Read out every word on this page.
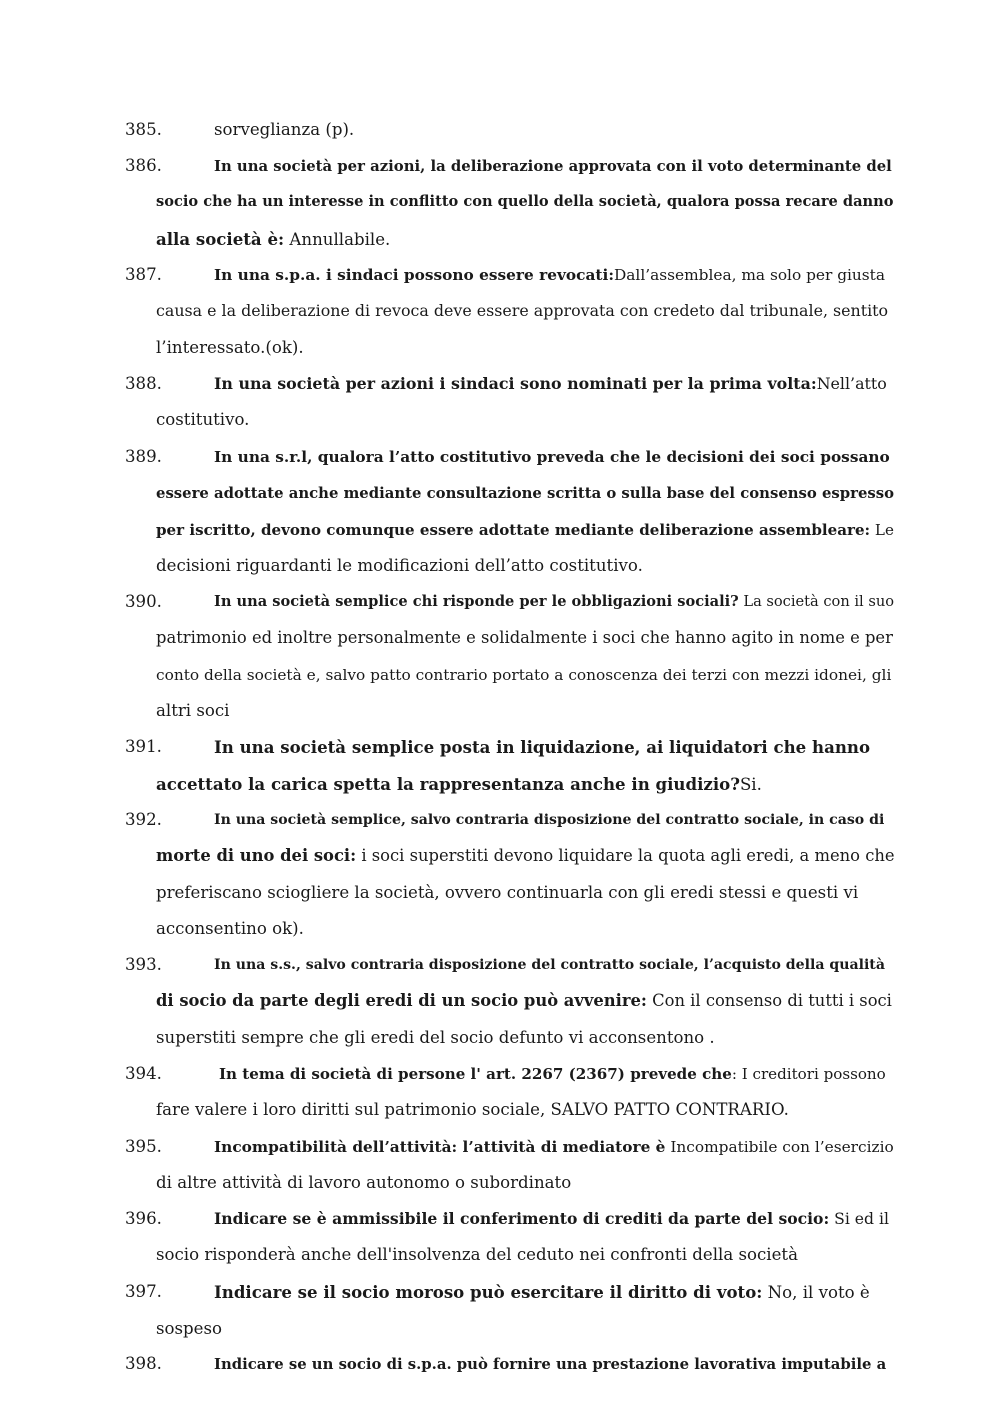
385.	sorveglianza (p).
386.	In una società per azioni, la deliberazione approvata con il voto determinante del
socio che ha un interesse in conflitto con quello della società, qualora possa recare danno
alla società è: Annullabile.
387.	In una s.p.a. i sindaci possono essere revocati:Dall’assemblea, ma solo per giusta
causa e la deliberazione di revoca deve essere approvata con credeto dal tribunale, sentito
l’interessato.(ok).
388.	In una società per azioni i sindaci sono nominati per la prima volta:Nell’atto
costitutivo.
389.	In una s.r.l, qualora l’atto costitutivo preveda che le decisioni dei soci possano
essere adottate anche mediante consultazione scritta o sulla base del consenso espresso
per iscritto, devono comunque essere adottate mediante deliberazione assembleare: Le
decisioni riguardanti le modificazioni dell’atto costitutivo.
390.	In una società semplice chi risponde per le obbligazioni sociali? La società con il suo
patrimonio ed inoltre personalmente e solidalmente i soci che hanno agito in nome e per
conto della società e, salvo patto contrario portato a conoscenza dei terzi con mezzi idonei, gli
altri soci
391.	In una società semplice posta in liquidazione, ai liquidatori che hanno
accettato la carica spetta la rappresentanza anche in giudizio?Si.
392.	In una società semplice, salvo contraria disposizione del contratto sociale, in caso di
morte di uno dei soci: i soci superstiti devono liquidare la quota agli eredi, a meno che
preferiscano sciogliere la società, ovvero continuarla con gli eredi stessi e questi vi
acconsentino ok).
393.	In una s.s., salvo contraria disposizione del contratto sociale, l’acquisto della qualità
di socio da parte degli eredi di un socio può avvenire: Con il consenso di tutti i soci
superstiti sempre che gli eredi del socio defunto vi acconsentono .
394.	In tema di società di persone l' art. 2267 (2367) prevede che: I creditori possono
fare valere i loro diritti sul patrimonio sociale, SALVO PATTO CONTRARIO.
395.	Incompatibilità dell’attività: l’attività di mediatore è Incompatibile con l’esercizio
di altre attività di lavoro autonomo o subordinato
396.	Indicare se è ammissibile il conferimento di crediti da parte del socio: Si ed il
socio risponderà anche dell'insolvenza del ceduto nei confronti della società
397.	Indicare se il socio moroso può esercitare il diritto di voto: No, il voto è
sospeso
398.	Indicare se un socio di s.p.a. può fornire una prestazione lavorativa imputabile a
